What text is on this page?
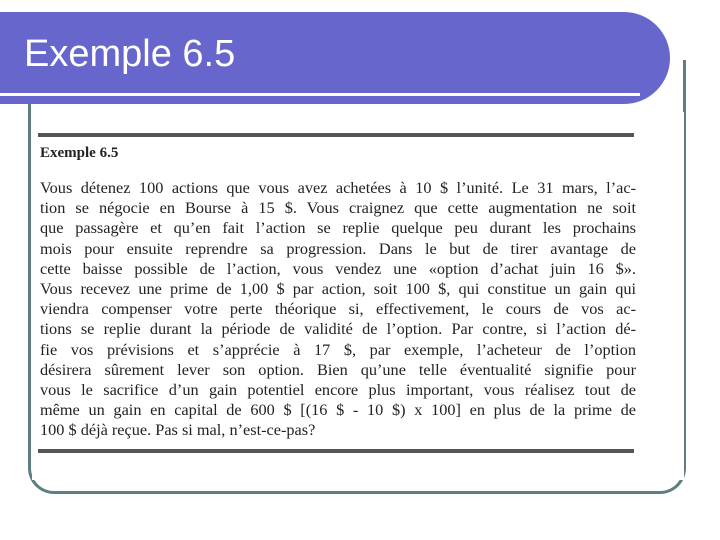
Exemple 6.5
Exemple 6.5
Vous détenez 100 actions que vous avez achetées à 10 $ l’unité. Le 31 mars, l’ac-
tion se négocie en Bourse à 15 $. Vous craignez que cette augmentation ne soit
que passagère et qu’en fait l’action se replie quelque peu durant les prochains
mois pour ensuite reprendre sa progression. Dans le but de tirer avantage de
cette baisse possible de l’action, vous vendez une «option d’achat juin 16 $».
Vous recevez une prime de 1,00 $ par action, soit 100 $, qui constitue un gain qui
viendra compenser votre perte théorique si, effectivement, le cours de vos ac-
tions se replie durant la période de validité de l’option. Par contre, si l’action dé-
fie vos prévisions et s’apprécie à 17 $, par exemple, l’acheteur de l’option
désirera sûrement lever son option. Bien qu’une telle éventualité signifie pour
vous le sacrifice d’un gain potentiel encore plus important, vous réalisez tout de
même un gain en capital de 600 $ [(16 $ - 10 $) x 100] en plus de la prime de
100 $ déjà reçue. Pas si mal, n’est-ce-pas?
